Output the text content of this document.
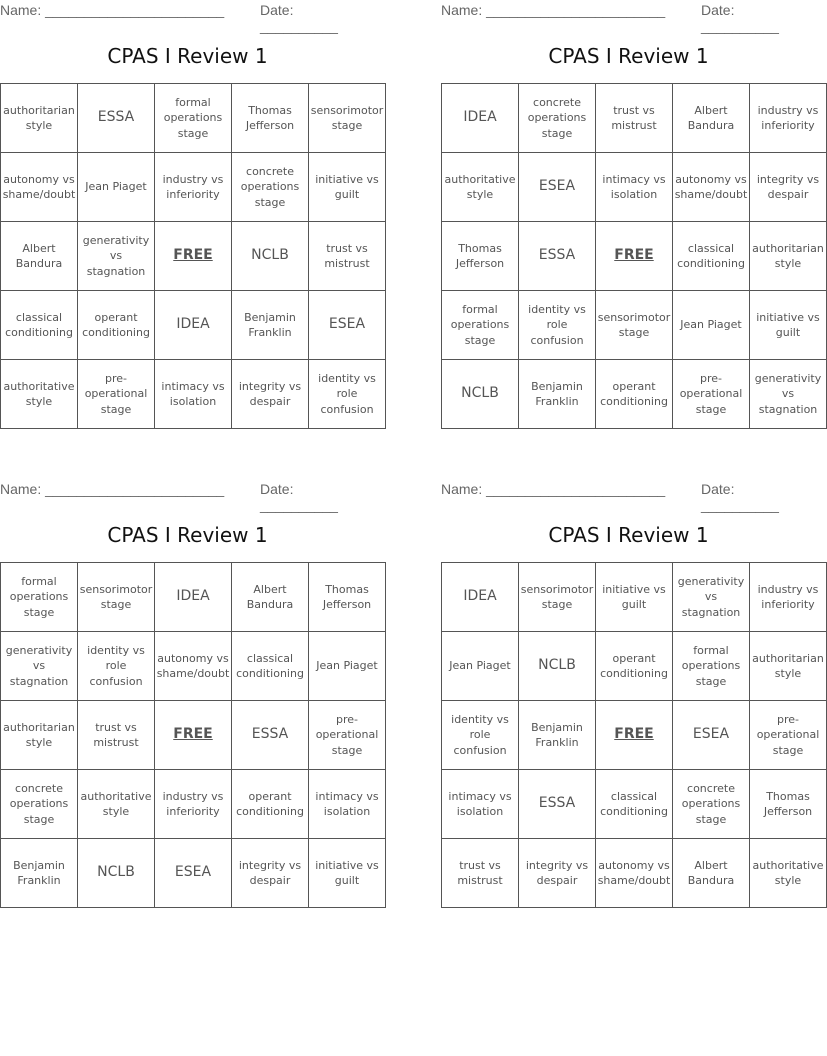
Name: _______________________	Date: __________
CPAS I Review 1
authoritarian style	ESSA	formal operations stage	Thomas Jefferson	sensorimotor stage
autonomy vs shame/doubt	Jean Piaget	industry vs inferiority	concrete operations stage	initiative vs guilt
Albert Bandura	generativity vs stagnation	FREE	NCLB	trust vs mistrust
classical conditioning	operant conditioning	IDEA	Benjamin Franklin	ESEA
authoritative style	pre-operational stage	intimacy vs isolation	integrity vs despair	identity vs role confusion
Name: _______________________	Date: __________
CPAS I Review 1
IDEA	concrete operations stage	trust vs mistrust	Albert Bandura	industry vs inferiority
authoritative style	ESEA	intimacy vs isolation	autonomy vs shame/doubt	integrity vs despair
Thomas Jefferson	ESSA	FREE	classical conditioning	authoritarian style
formal operations stage	identity vs role confusion	sensorimotor stage	Jean Piaget	initiative vs guilt
NCLB	Benjamin Franklin	operant conditioning	pre-operational stage	generativity vs stagnation
Name: _______________________	Date: __________
CPAS I Review 1
formal operations stage	sensorimotor stage	IDEA	Albert Bandura	Thomas Jefferson
generativity vs stagnation	identity vs role confusion	autonomy vs shame/doubt	classical conditioning	Jean Piaget
authoritarian style	trust vs mistrust	FREE	ESSA	pre-operational stage
concrete operations stage	authoritative style	industry vs inferiority	operant conditioning	intimacy vs isolation
Benjamin Franklin	NCLB	ESEA	integrity vs despair	initiative vs guilt
Name: _______________________	Date: __________
CPAS I Review 1
IDEA	sensorimotor stage	initiative vs guilt	generativity vs stagnation	industry vs inferiority
Jean Piaget	NCLB	operant conditioning	formal operations stage	authoritarian style
identity vs role confusion	Benjamin Franklin	FREE	ESEA	pre-operational stage
intimacy vs isolation	ESSA	classical conditioning	concrete operations stage	Thomas Jefferson
trust vs mistrust	integrity vs despair	autonomy vs shame/doubt	Albert Bandura	authoritative style
